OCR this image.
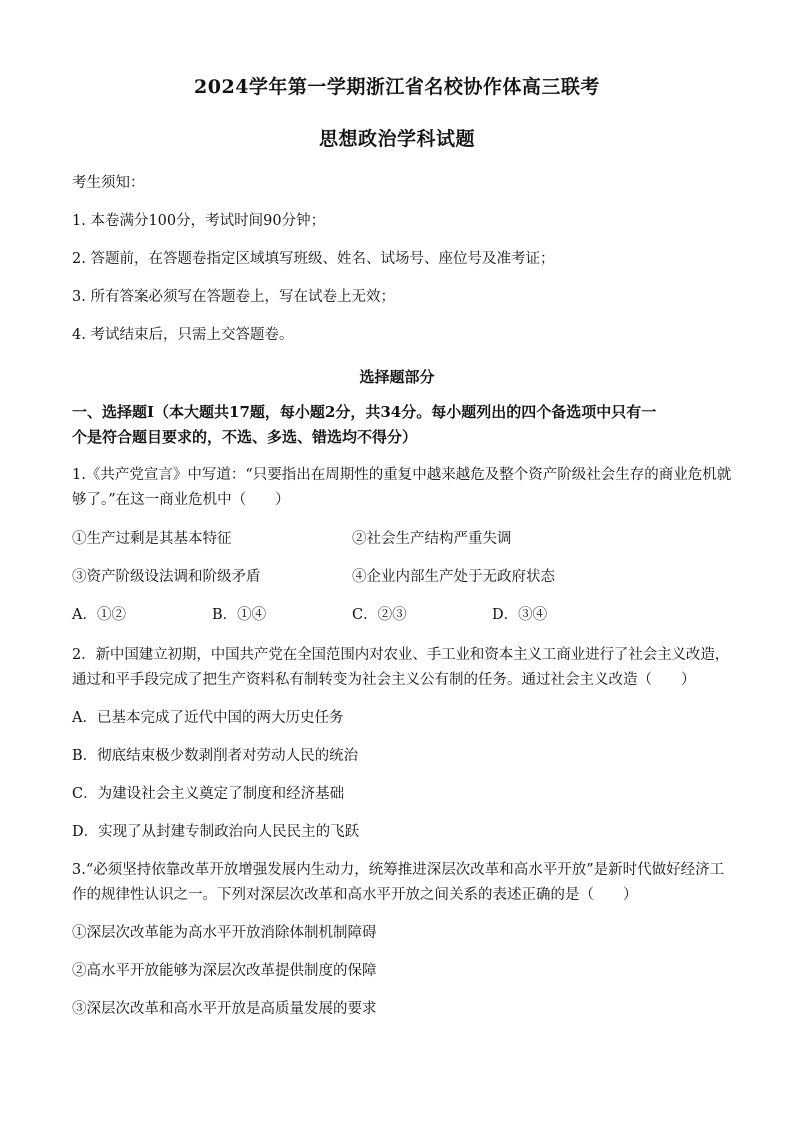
2024学年第一学期浙江省名校协作体高三联考
思想政治学科试题
考生须知：
1. 本卷满分100分，考试时间90分钟；
2. 答题前，在答题卷指定区域填写班级、姓名、试场号、座位号及准考证；
3. 所有答案必须写在答题卷上，写在试卷上无效；
4. 考试结束后，只需上交答题卷。
选择题部分
一、选择题Ⅰ（本大题共17题，每小题2分，共34分。每小题列出的四个备选项中只有一
个是符合题目要求的，不选、多选、错选均不得分）
1.《共产党宣言》中写道：“只要指出在周期性的重复中越来越危及整个资产阶级社会生存的商业危机就
够了。”在这一商业危机中（　　）
①生产过剩是其基本特征	②社会生产结构严重失调
③资产阶级设法调和阶级矛盾	④企业内部生产处于无政府状态
A．①②	B．①④	C．②③	D．③④
2．新中国建立初期，中国共产党在全国范围内对农业、手工业和资本主义工商业进行了社会主义改造，
通过和平手段完成了把生产资料私有制转变为社会主义公有制的任务。通过社会主义改造（　　）
A．已基本完成了近代中国的两大历史任务
B．彻底结束极少数剥削者对劳动人民的统治
C．为建设社会主义奠定了制度和经济基础
D．实现了从封建专制政治向人民民主的飞跃
3.“必须坚持依靠改革开放增强发展内生动力，统筹推进深层次改革和高水平开放”是新时代做好经济工
作的规律性认识之一。下列对深层次改革和高水平开放之间关系的表述正确的是（　　）
①深层次改革能为高水平开放消除体制机制障碍
②高水平开放能够为深层次改革提供制度的保障
③深层次改革和高水平开放是高质量发展的要求
